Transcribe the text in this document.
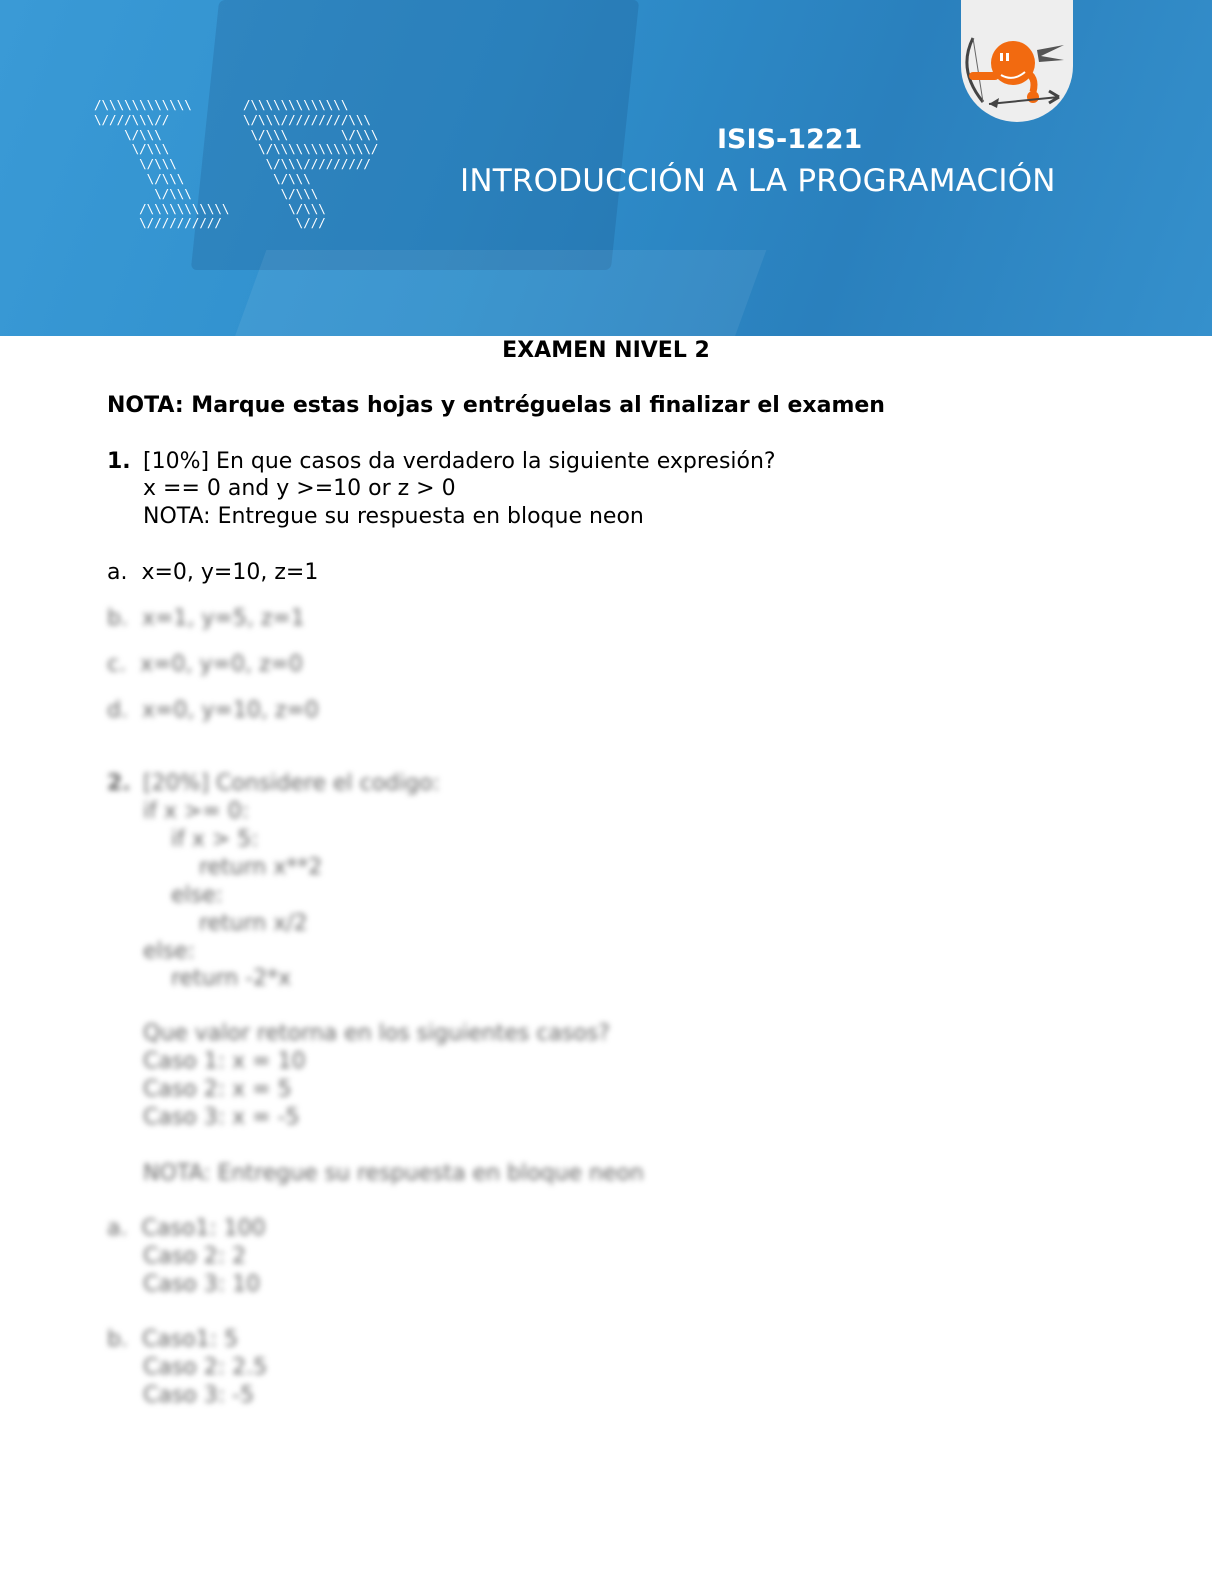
/\\\\\\\\\\\\
\////\\\//
\/\\\
\/\\\
\/\\\
\/\\\
\/\\\
/\\\\\\\\\\\
\//////////
/\\\\\\\\\\\\\
\/\\\/////////\\\
\/\\\       \/\\\
\/\\\\\\\\\\\\\/
\/\\\/////////
\/\\\
\/\\\
\/\\\
\///
ISIS-1221
INTRODUCCIÓN A LA PROGRAMACIÓN
EXAMEN NIVEL 2
NOTA: Marque estas hojas y entréguelas al finalizar el examen
1. [10%] En que casos da verdadero la siguiente expresión?
x == 0 and y >=10 or z > 0
NOTA: Entregue su respuesta en bloque neon
a.  x=0, y=10, z=1
b.  x=1, y=5, z=1
c.  x=0, y=0, z=0
d.  x=0, y=10, z=0
2. [20%] Considere el codigo:
if x >= 0:
if x > 5:
return x**2
else:
return x/2
else:
return -2*x
Que valor retorna en los siguientes casos?
Caso 1: x = 10
Caso 2: x = 5
Caso 3: x = -5
NOTA: Entregue su respuesta en bloque neon
a.  Caso1: 100
Caso 2: 2
Caso 3: 10
b.  Caso1: 5
Caso 2: 2.5
Caso 3: -5
